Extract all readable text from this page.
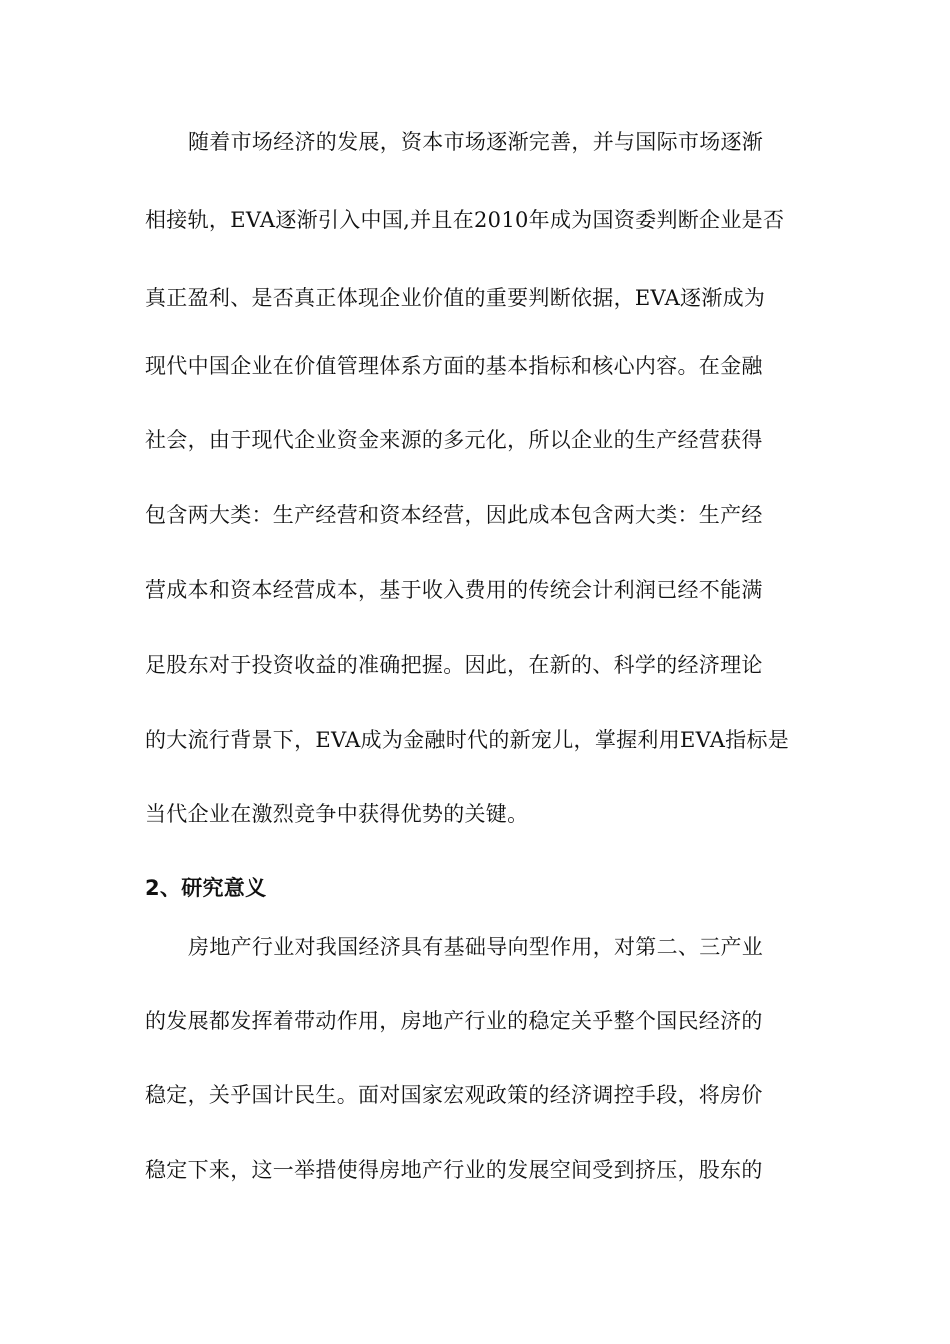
随着市场经济的发展，资本市场逐渐完善，并与国际市场逐渐
相接轨，EVA逐渐引入中国,并且在2010年成为国资委判断企业是否
真正盈利、是否真正体现企业价值的重要判断依据，EVA逐渐成为
现代中国企业在价值管理体系方面的基本指标和核心内容。在金融
社会，由于现代企业资金来源的多元化，所以企业的生产经营获得
包含两大类：生产经营和资本经营，因此成本包含两大类：生产经
营成本和资本经营成本，基于收入费用的传统会计利润已经不能满
足股东对于投资收益的准确把握。因此，在新的、科学的经济理论
的大流行背景下，EVA成为金融时代的新宠儿，掌握利用EVA指标是
当代企业在激烈竞争中获得优势的关键。
2、研究意义
房地产行业对我国经济具有基础导向型作用，对第二、三产业
的发展都发挥着带动作用，房地产行业的稳定关乎整个国民经济的
稳定，关乎国计民生。面对国家宏观政策的经济调控手段，将房价
稳定下来，这一举措使得房地产行业的发展空间受到挤压，股东的
